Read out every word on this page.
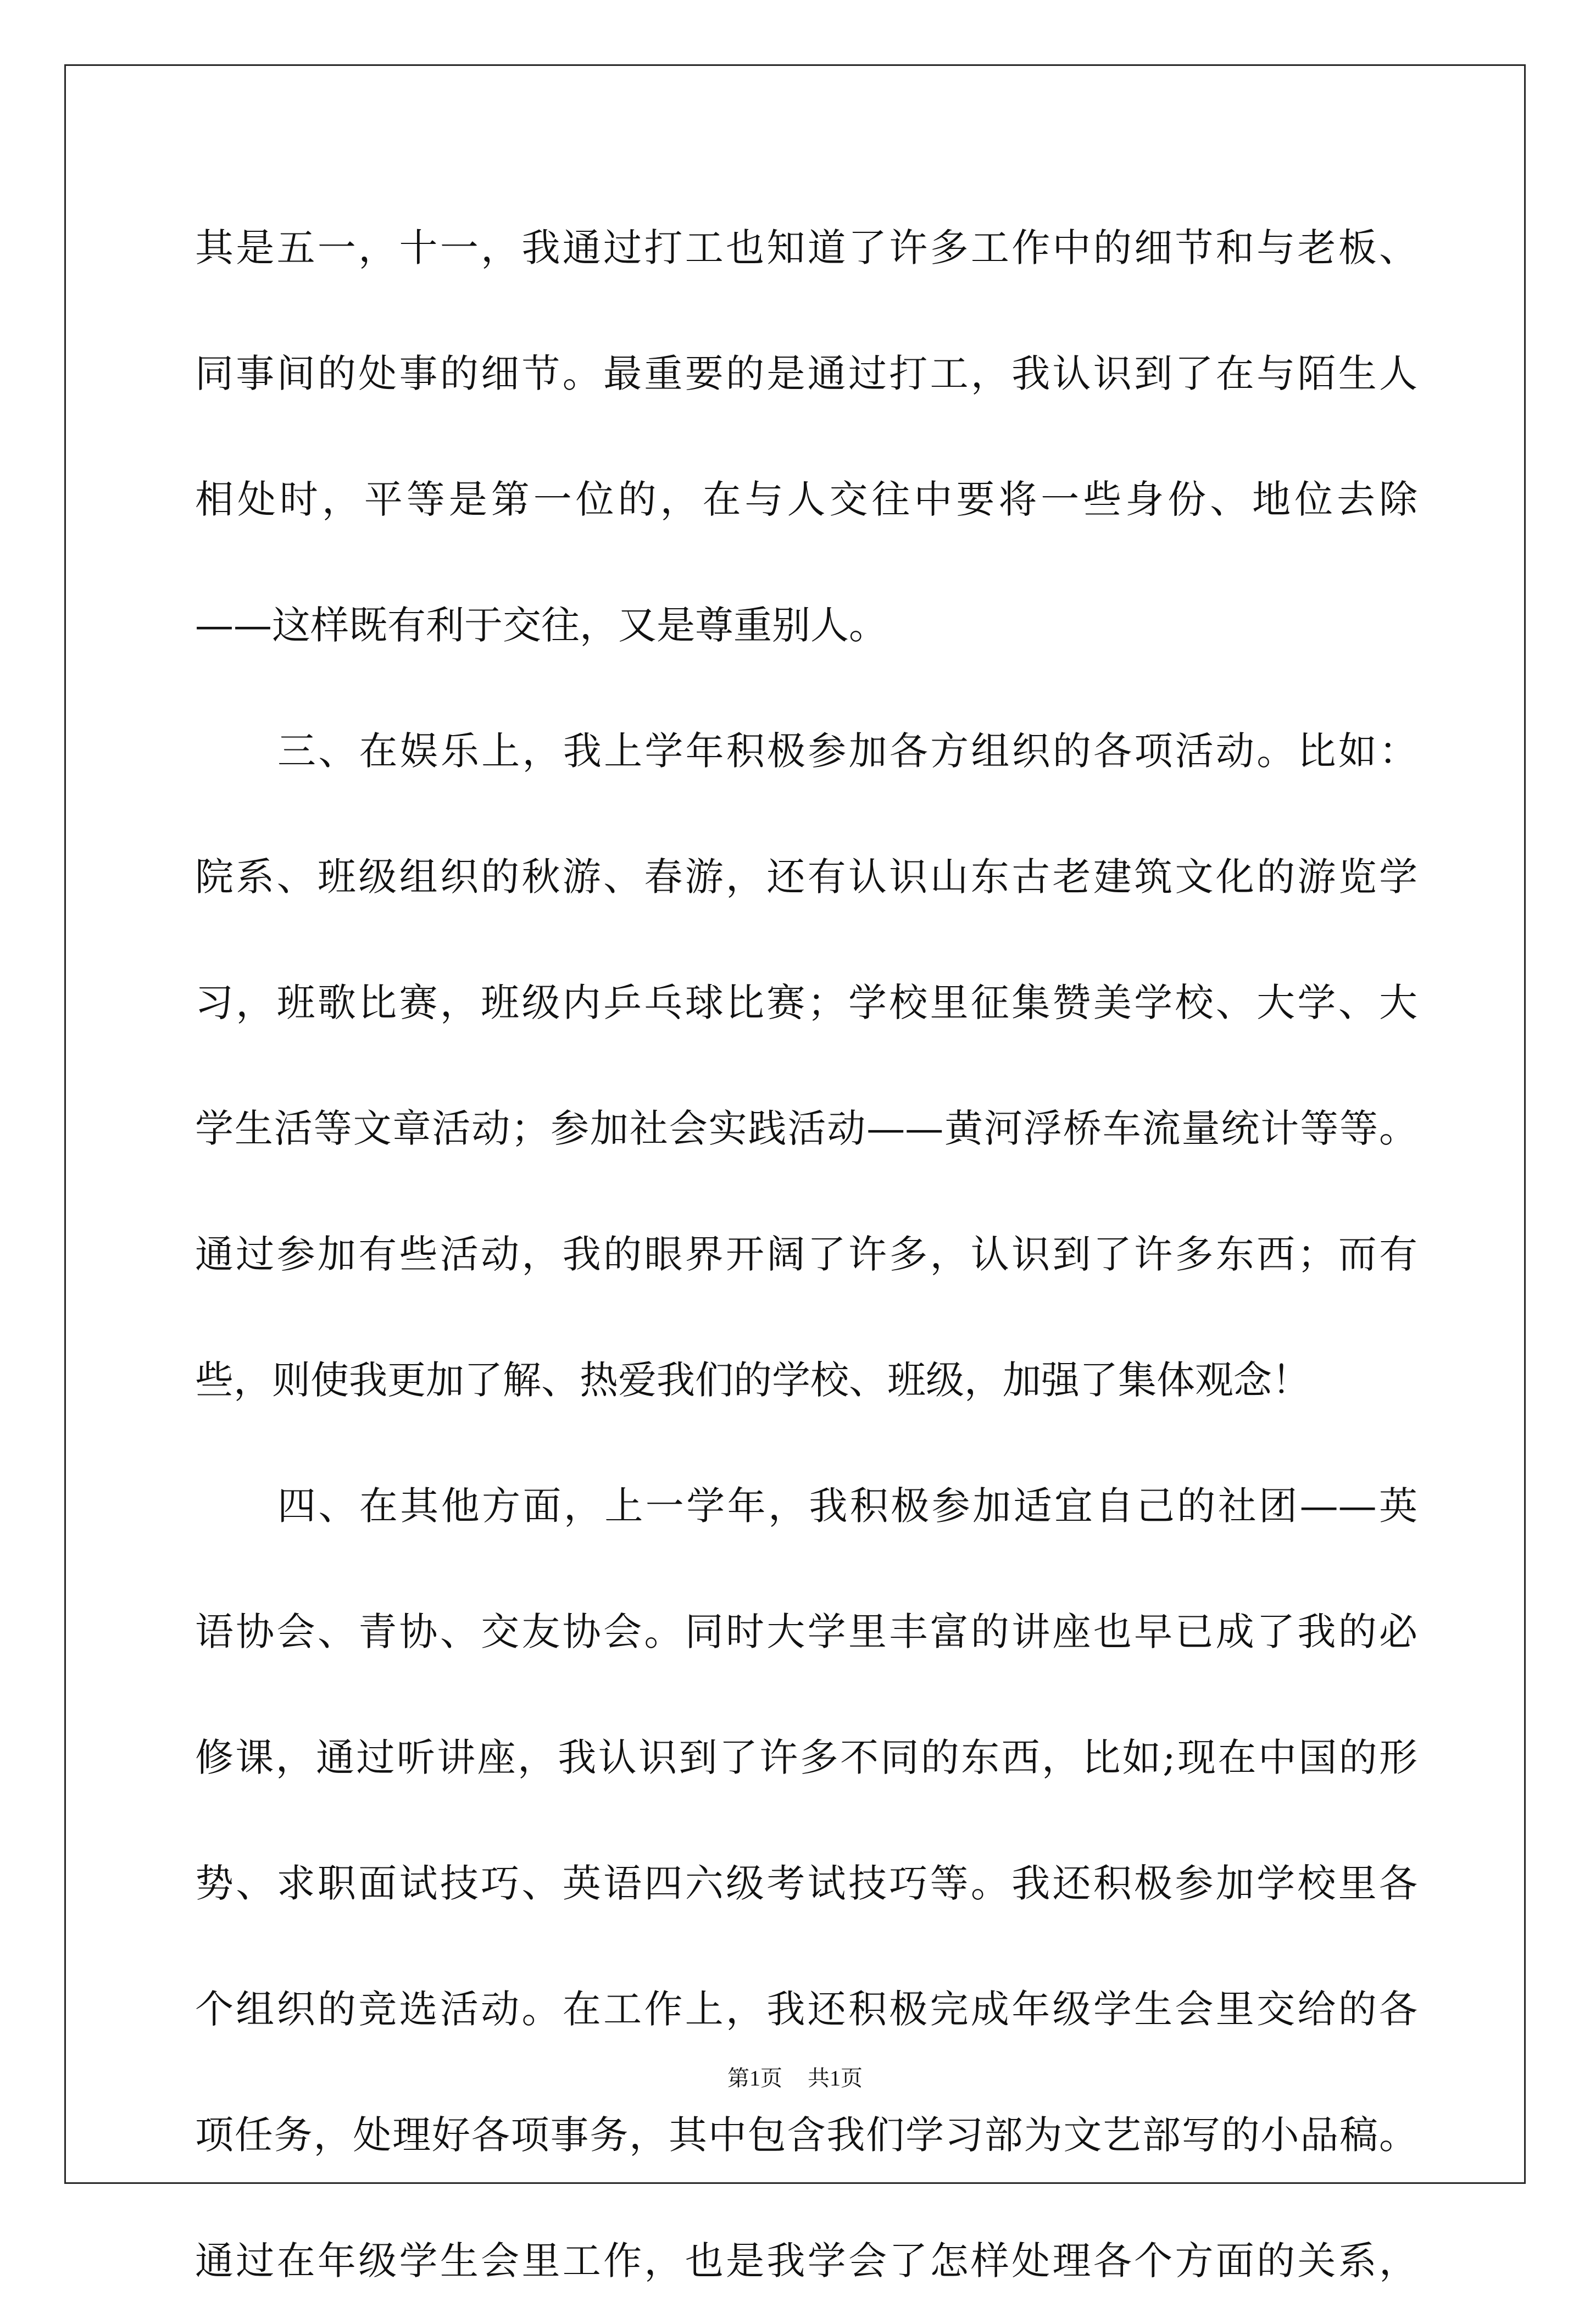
其是五一，十一，我通过打工也知道了许多工作中的细节和与老板、
同事间的处事的细节。最重要的是通过打工，我认识到了在与陌生人
相处时，平等是第一位的，在与人交往中要将一些身份、地位去除
——这样既有利于交往，又是尊重别人。
三、在娱乐上，我上学年积极参加各方组织的各项活动。比如：
院系、班级组织的秋游、春游，还有认识山东古老建筑文化的游览学
习，班歌比赛，班级内乒乓球比赛；学校里征集赞美学校、大学、大
学生活等文章活动；参加社会实践活动——黄河浮桥车流量统计等等。
通过参加有些活动，我的眼界开阔了许多，认识到了许多东西；而有
些，则使我更加了解、热爱我们的学校、班级，加强了集体观念！
四、在其他方面，上一学年，我积极参加适宜自己的社团——英
语协会、青协、交友协会。同时大学里丰富的讲座也早已成了我的必
修课，通过听讲座，我认识到了许多不同的东西，比如;现在中国的形
势、求职面试技巧、英语四六级考试技巧等。我还积极参加学校里各
个组织的竞选活动。在工作上，我还积极完成年级学生会里交给的各
项任务，处理好各项事务，其中包含我们学习部为文艺部写的小品稿。
通过在年级学生会里工作，也是我学会了怎样处理各个方面的关系，
第1页 共1页
